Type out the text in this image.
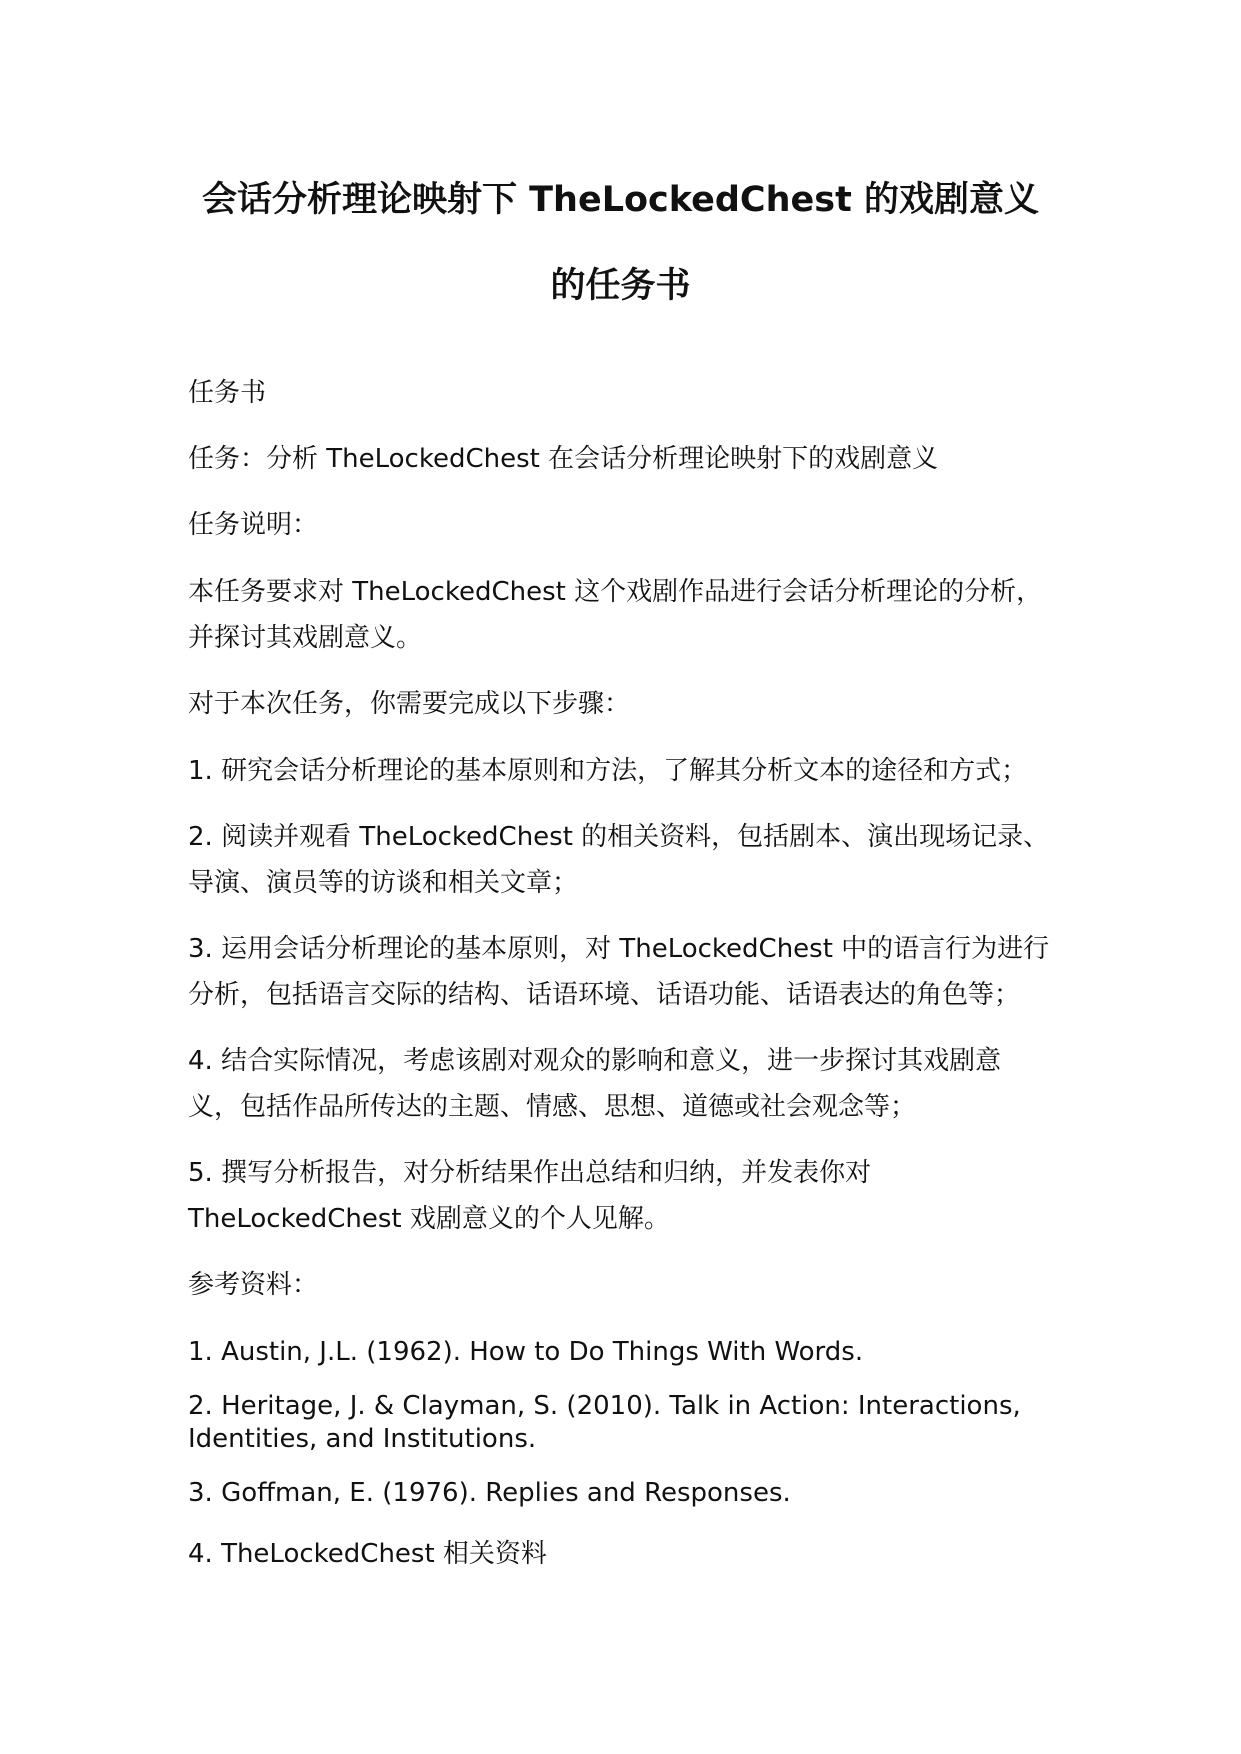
会话分析理论映射下 TheLockedChest 的戏剧意义
的任务书
任务书
任务：分析 TheLockedChest 在会话分析理论映射下的戏剧意义
任务说明：
本任务要求对 TheLockedChest 这个戏剧作品进行会话分析理论的分析，
并探讨其戏剧意义。
对于本次任务，你需要完成以下步骤：
1. 研究会话分析理论的基本原则和方法，了解其分析文本的途径和方式；
2. 阅读并观看 TheLockedChest 的相关资料，包括剧本、演出现场记录、
导演、演员等的访谈和相关文章；
3. 运用会话分析理论的基本原则，对 TheLockedChest 中的语言行为进行
分析，包括语言交际的结构、话语环境、话语功能、话语表达的角色等；
4. 结合实际情况，考虑该剧对观众的影响和意义，进一步探讨其戏剧意
义，包括作品所传达的主题、情感、思想、道德或社会观念等；
5. 撰写分析报告，对分析结果作出总结和归纳，并发表你对
TheLockedChest 戏剧意义的个人见解。
参考资料：
1. Austin, J.L. (1962). How to Do Things With Words.
2. Heritage, J. & Clayman, S. (2010). Talk in Action: Interactions,
Identities, and Institutions.
3. Goffman, E. (1976). Replies and Responses.
4. TheLockedChest 相关资料
